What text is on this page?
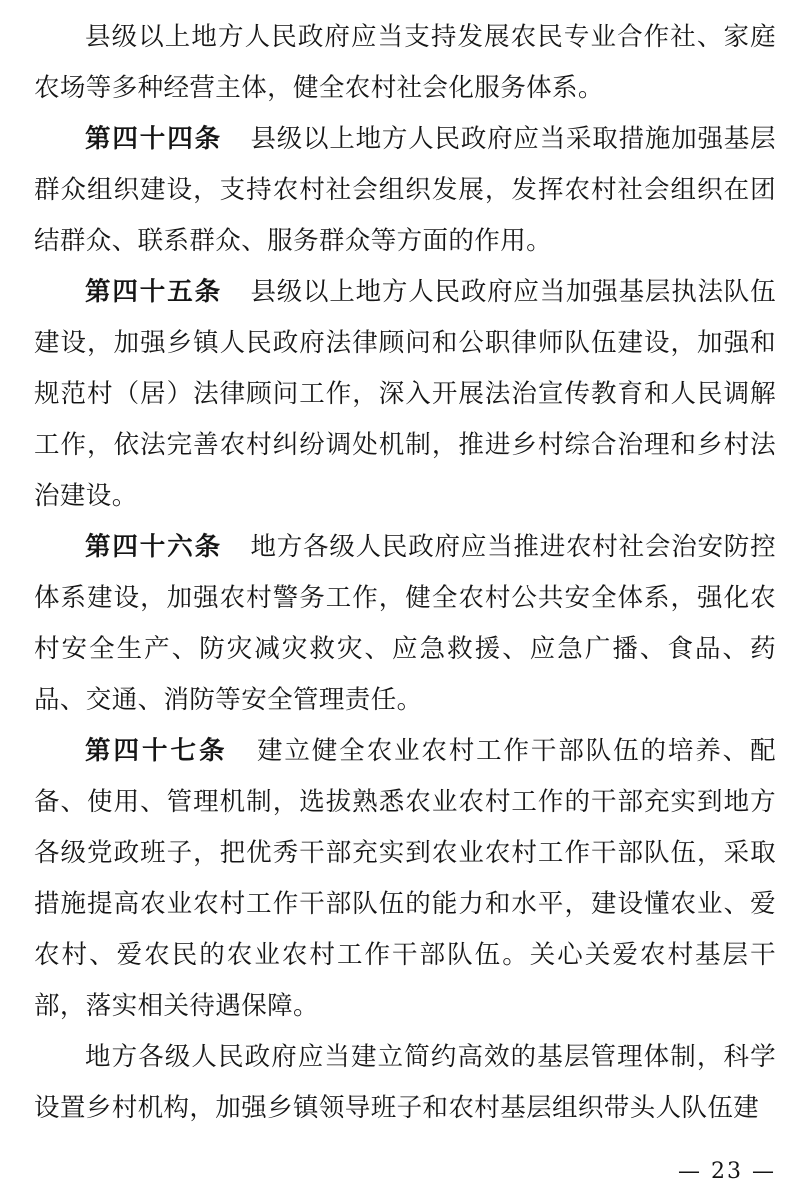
县级以上地方人民政府应当支持发展农民专业合作社、家庭农场等多种经营主体，健全农村社会化服务体系。

第四十四条 县级以上地方人民政府应当采取措施加强基层群众组织建设，支持农村社会组织发展，发挥农村社会组织在团结群众、联系群众、服务群众等方面的作用。

第四十五条 县级以上地方人民政府应当加强基层执法队伍建设，加强乡镇人民政府法律顾问和公职律师队伍建设，加强和规范村（居）法律顾问工作，深入开展法治宣传教育和人民调解工作，依法完善农村纠纷调处机制，推进乡村综合治理和乡村法治建设。

第四十六条 地方各级人民政府应当推进农村社会治安防控体系建设，加强农村警务工作，健全农村公共安全体系，强化农村安全生产、防灾减灾救灾、应急救援、应急广播、食品、药品、交通、消防等安全管理责任。

第四十七条 建立健全农业农村工作干部队伍的培养、配备、使用、管理机制，选拔熟悉农业农村工作的干部充实到地方各级党政班子，把优秀干部充实到农业农村工作干部队伍，采取措施提高农业农村工作干部队伍的能力和水平，建设懂农业、爱农村、爱农民的农业农村工作干部队伍。关心关爱农村基层干部，落实相关待遇保障。

地方各级人民政府应当建立简约高效的基层管理体制，科学设置乡村机构，加强乡镇领导班子和农村基层组织带头人队伍建

— 23 —
